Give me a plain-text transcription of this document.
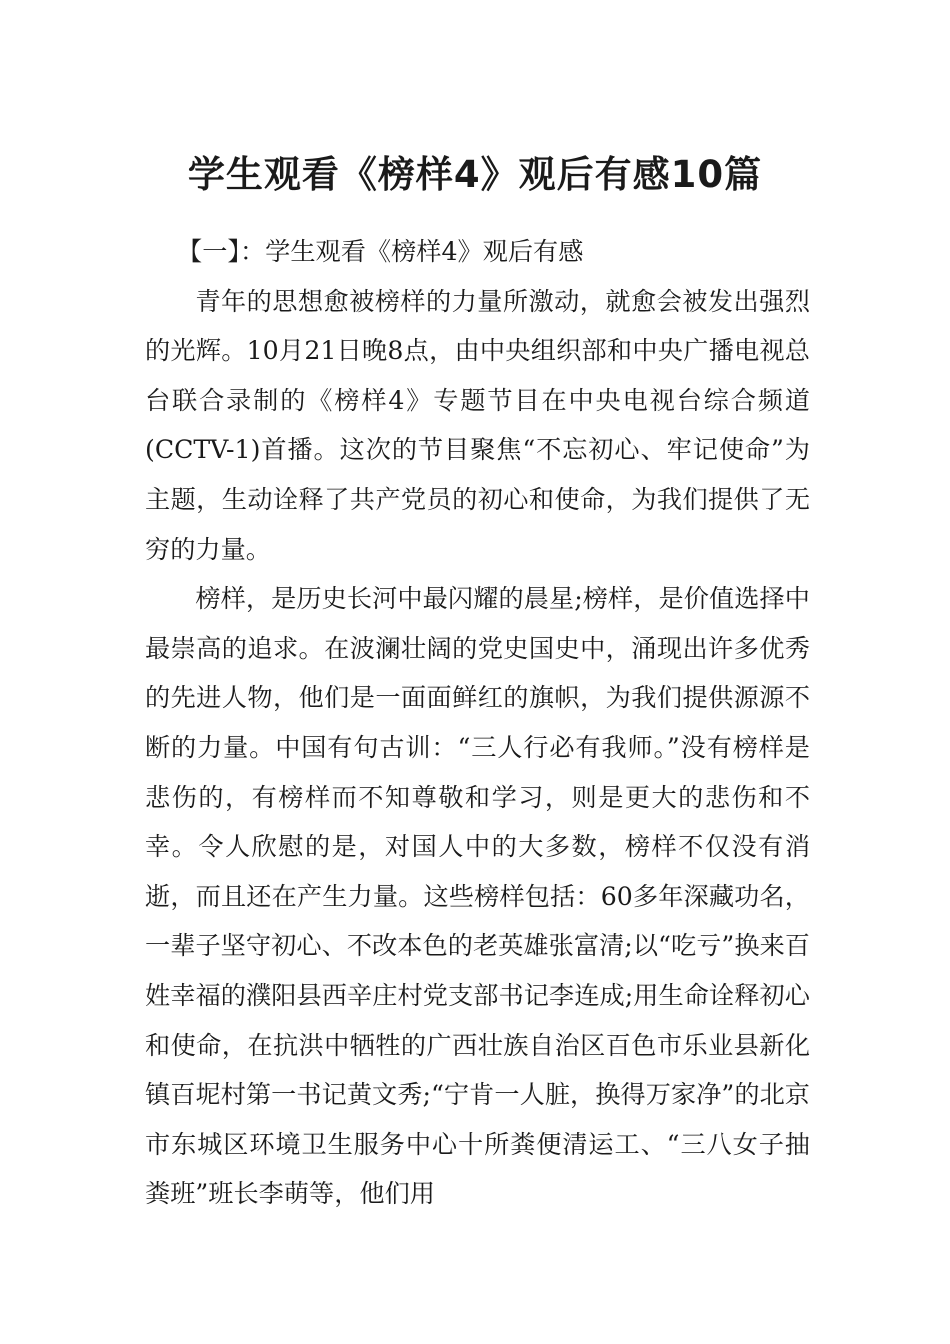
学生观看《榜样4》观后有感10篇

【一】：学生观看《榜样4》观后有感

青年的思想愈被榜样的力量所激动，就愈会被发出强烈的光辉。10月21日晚8点，由中央组织部和中央广播电视总台联合录制的《榜样4》专题节目在中央电视台综合频道(CCTV-1)首播。这次的节目聚焦“不忘初心、牢记使命”为主题，生动诠释了共产党员的初心和使命，为我们提供了无穷的力量。

榜样，是历史长河中最闪耀的晨星;榜样，是价值选择中最崇高的追求。在波澜壮阔的党史国史中，涌现出许多优秀的先进人物，他们是一面面鲜红的旗帜，为我们提供源源不断的力量。中国有句古训：“三人行必有我师。”没有榜样是悲伤的，有榜样而不知尊敬和学习，则是更大的悲伤和不幸。令人欣慰的是，对国人中的大多数，榜样不仅没有消逝，而且还在产生力量。这些榜样包括：60多年深藏功名，一辈子坚守初心、不改本色的老英雄张富清;以“吃亏”换来百姓幸福的濮阳县西辛庄村党支部书记李连成;用生命诠释初心和使命，在抗洪中牺牲的广西壮族自治区百色市乐业县新化镇百坭村第一书记黄文秀;“宁肯一人脏，换得万家净”的北京市东城区环境卫生服务中心十所粪便清运工、“三八女子抽粪班”班长李萌等，他们用
